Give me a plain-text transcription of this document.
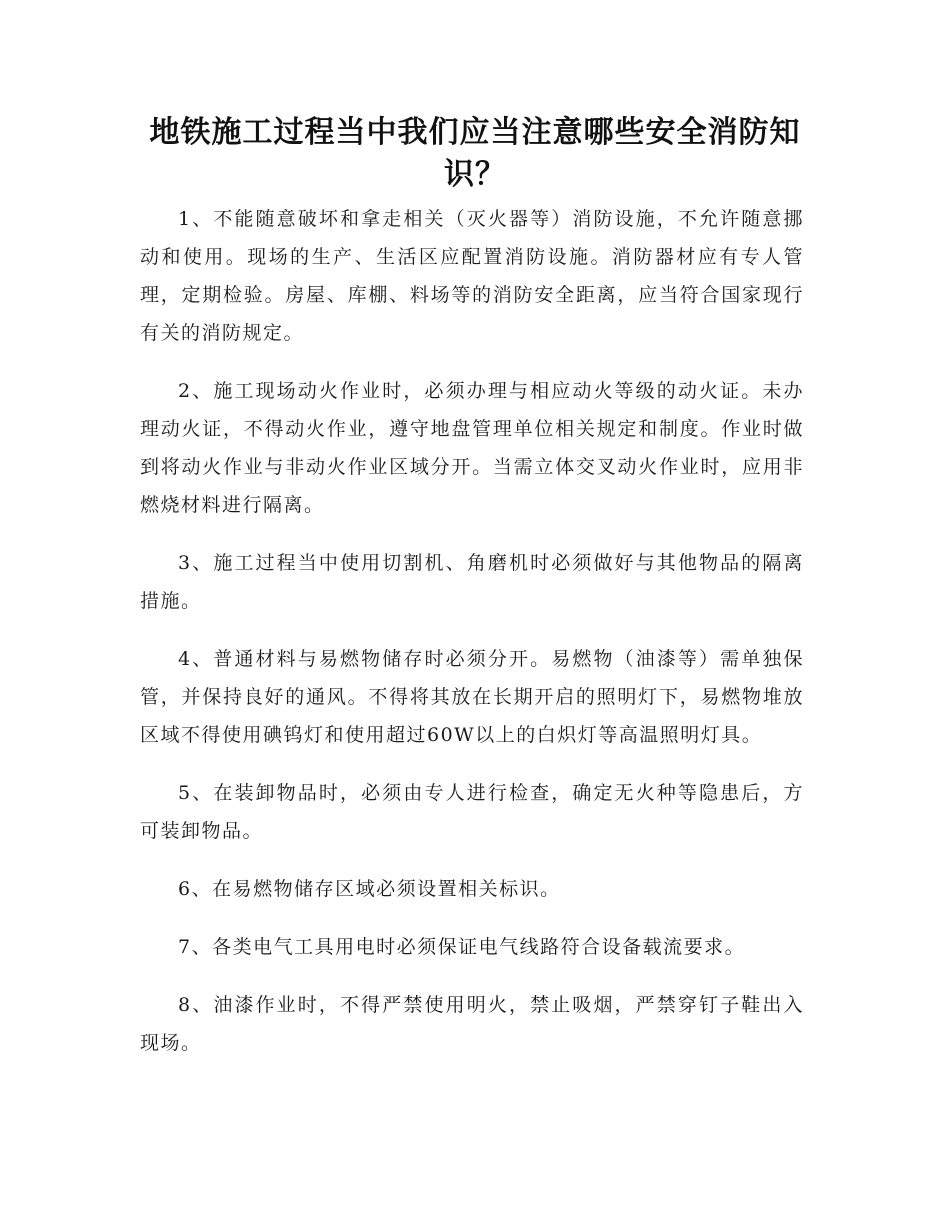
地铁施工过程当中我们应当注意哪些安全消防知识？

1、不能随意破坏和拿走相关（灭火器等）消防设施，不允许随意挪动和使用。现场的生产、生活区应配置消防设施。消防器材应有专人管理，定期检验。房屋、库棚、料场等的消防安全距离，应当符合国家现行有关的消防规定。

2、施工现场动火作业时，必须办理与相应动火等级的动火证。未办理动火证，不得动火作业，遵守地盘管理单位相关规定和制度。作业时做到将动火作业与非动火作业区域分开。当需立体交叉动火作业时，应用非燃烧材料进行隔离。

3、施工过程当中使用切割机、角磨机时必须做好与其他物品的隔离措施。

4、普通材料与易燃物储存时必须分开。易燃物（油漆等）需单独保管，并保持良好的通风。不得将其放在长期开启的照明灯下，易燃物堆放区域不得使用碘钨灯和使用超过60W以上的白炽灯等高温照明灯具。

5、在装卸物品时，必须由专人进行检查，确定无火种等隐患后，方可装卸物品。

6、在易燃物储存区域必须设置相关标识。

7、各类电气工具用电时必须保证电气线路符合设备载流要求。

8、油漆作业时，不得严禁使用明火，禁止吸烟，严禁穿钉子鞋出入现场。
